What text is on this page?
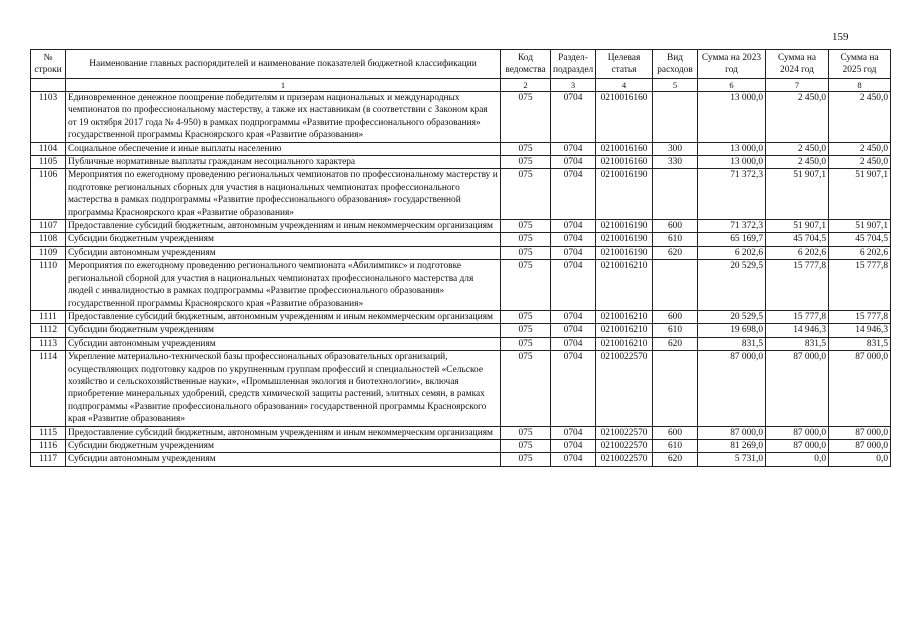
159
№ строки	Наименование главных распорядителей и наименование показателей бюджетной классификации	Код ведомства	Раздел-подраздел	Целевая статья	Вид расходов	Сумма на 2023 год	Сумма на 2024 год	Сумма на 2025 год
	1	2	3	4	5	6	7	8
1103	Единовременное денежное поощрение победителям и призерам национальных и международных чемпионатов по профессиональному мастерству, а также их наставникам (в соответствии с Законом края от 19 октября 2017 года № 4-950) в рамках подпрограммы «Развитие профессионального образования» государственной программы Красноярского края «Развитие образования»	075	0704	0210016160		13 000,0	2 450,0	2 450,0
1104	Социальное обеспечение и иные выплаты населению	075	0704	0210016160	300	13 000,0	2 450,0	2 450,0
1105	Публичные нормативные выплаты гражданам несоциального характера	075	0704	0210016160	330	13 000,0	2 450,0	2 450,0
1106	Мероприятия по ежегодному проведению региональных чемпионатов по профессиональному мастерству и подготовке региональных сборных для участия в национальных чемпионатах профессионального мастерства в рамках подпрограммы «Развитие профессионального образования» государственной программы Красноярского края «Развитие образования»	075	0704	0210016190		71 372,3	51 907,1	51 907,1
1107	Предоставление субсидий бюджетным, автономным учреждениям и иным некоммерческим организациям	075	0704	0210016190	600	71 372,3	51 907,1	51 907,1
1108	Субсидии бюджетным учреждениям	075	0704	0210016190	610	65 169,7	45 704,5	45 704,5
1109	Субсидии автономным учреждениям	075	0704	0210016190	620	6 202,6	6 202,6	6 202,6
1110	Мероприятия по ежегодному проведению регионального чемпионата «Абилимпикс» и подготовке региональной сборной для участия в национальных чемпионатах профессионального мастерства для людей с инвалидностью в рамках подпрограммы «Развитие профессионального образования» государственной программы Красноярского края «Развитие образования»	075	0704	0210016210		20 529,5	15 777,8	15 777,8
1111	Предоставление субсидий бюджетным, автономным учреждениям и иным некоммерческим организациям	075	0704	0210016210	600	20 529,5	15 777,8	15 777,8
1112	Субсидии бюджетным учреждениям	075	0704	0210016210	610	19 698,0	14 946,3	14 946,3
1113	Субсидии автономным учреждениям	075	0704	0210016210	620	831,5	831,5	831,5
1114	Укрепление материально-технической базы профессиональных образовательных организаций, осуществляющих подготовку кадров по укрупненным группам профессий и специальностей «Сельское хозяйство и сельскохозяйственные науки», «Промышленная экология и биотехнологии», включая приобретение минеральных удобрений, средств химической защиты растений, элитных семян, в рамках подпрограммы «Развитие профессионального образования» государственной программы Красноярского края «Развитие образования»	075	0704	0210022570		87 000,0	87 000,0	87 000,0
1115	Предоставление субсидий бюджетным, автономным учреждениям и иным некоммерческим организациям	075	0704	0210022570	600	87 000,0	87 000,0	87 000,0
1116	Субсидии бюджетным учреждениям	075	0704	0210022570	610	81 269,0	87 000,0	87 000,0
1117	Субсидии автономным учреждениям	075	0704	0210022570	620	5 731,0	0,0	0,0
